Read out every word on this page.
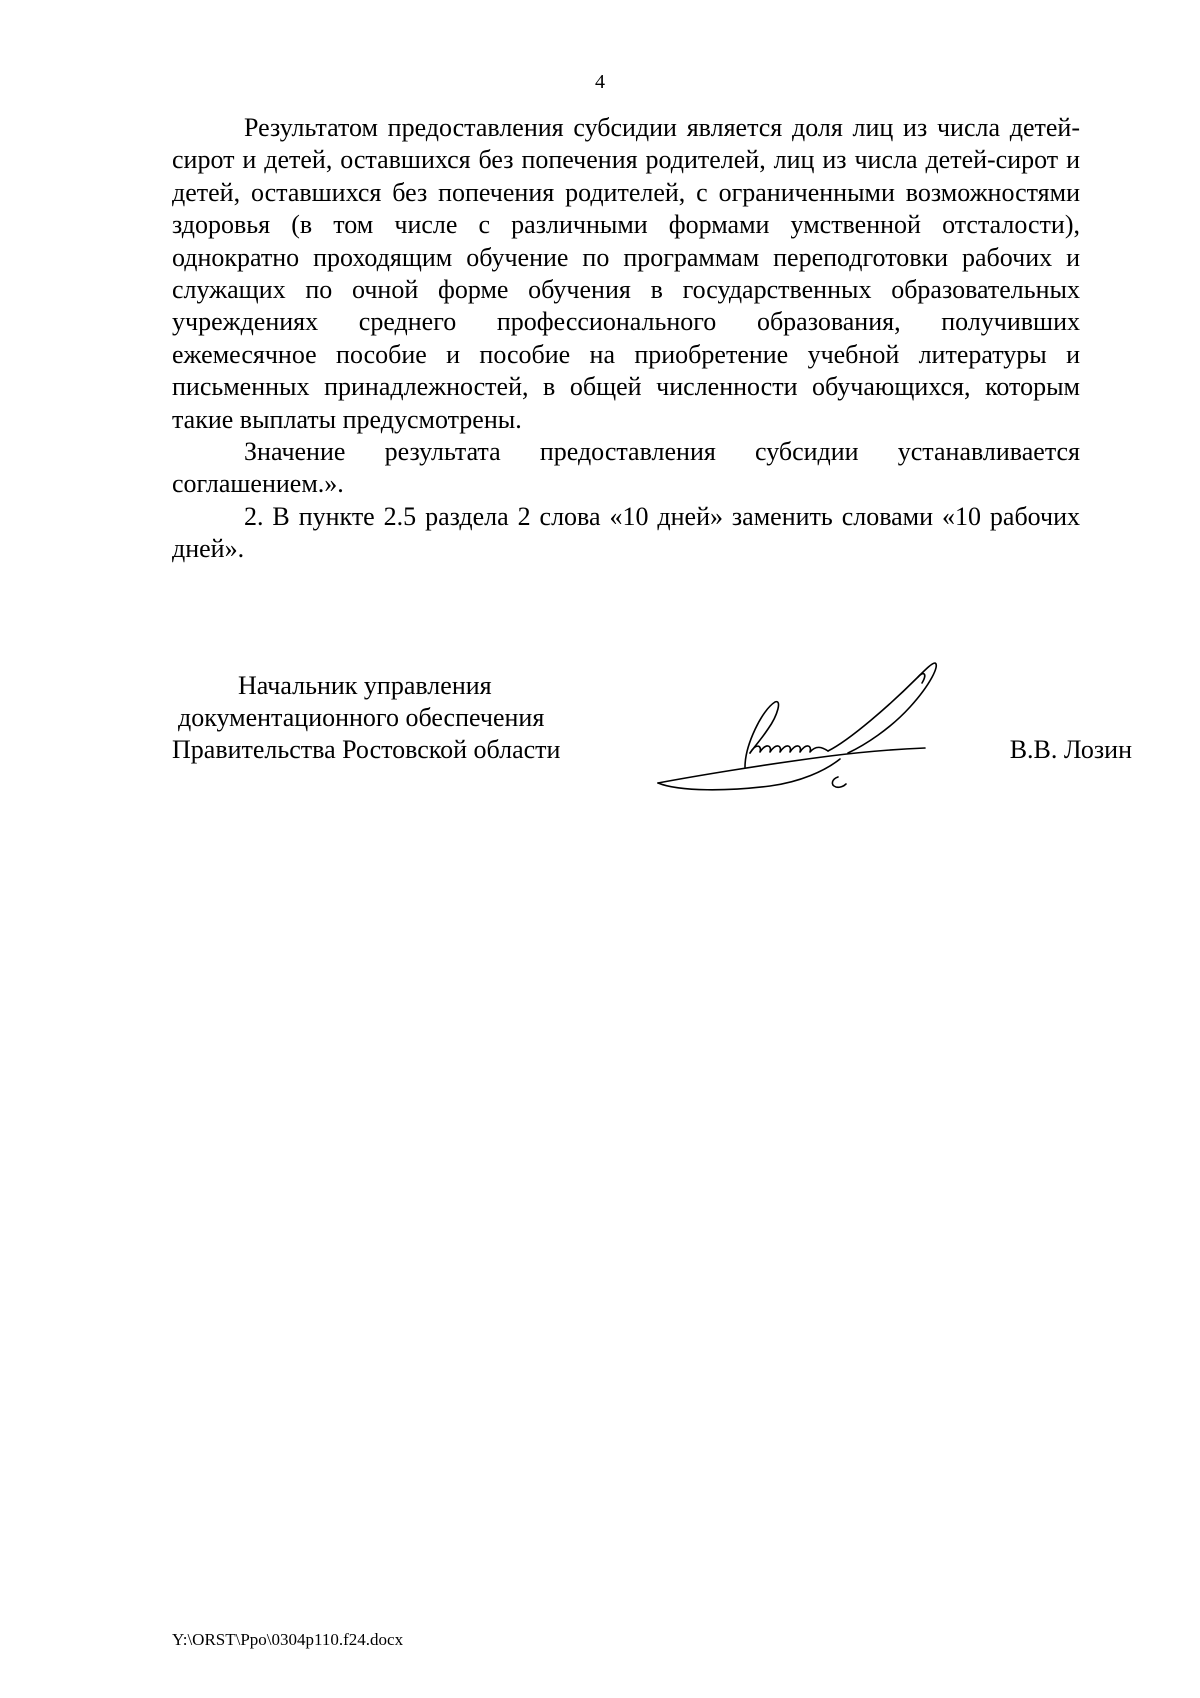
4

Результатом предоставления субсидии является доля лиц из числа детей-сирот и детей, оставшихся без попечения родителей, лиц из числа детей-сирот и детей, оставшихся без попечения родителей, с ограниченными возможностями здоровья (в том числе с различными формами умственной отсталости), однократно проходящим обучение по программам переподготовки рабочих и служащих по очной форме обучения в государственных образовательных учреждениях среднего профессионального образования, получивших ежемесячное пособие и пособие на приобретение учебной литературы и письменных принадлежностей, в общей численности обучающихся, которым такие выплаты предусмотрены.

Значение результата предоставления субсидии устанавливается соглашением.».

2. В пункте 2.5 раздела 2 слова «10 дней» заменить словами «10 рабочих дней».

Начальник управления
документационного обеспечения
Правительства Ростовской области	В.В. Лозин
Y:\ORST\Ppo\0304p110.f24.docx
